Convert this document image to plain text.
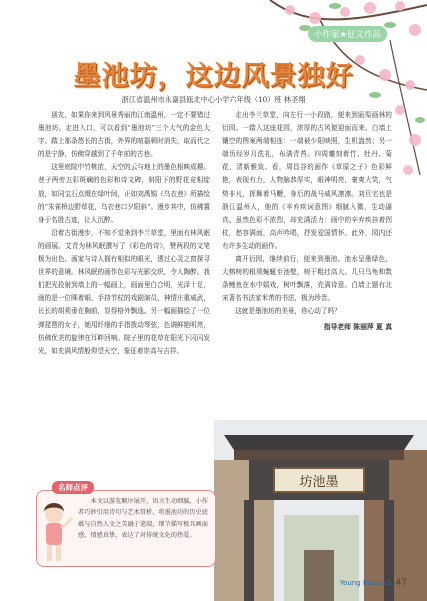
小作家★征文作品
墨池坊，这边风景独好
浙江省温州市永嘉县瓯北中心小学六年级（10）班 林圣翔

朋友，如果你来到风景秀丽的江南温州，一定不要错过墨池坊。走进入口，可以看到“墨池坊”三个大气的金色大字。踏上那条悠长的古街，外界的喧嚣顿时消失，取而代之的是宁静，仿佛穿越到了千年前的古巷。

这里庭院中竹桃浓，天空的云与地上的墨色相映成趣。巷子两旁五彩斑斓的色彩和诗文碑，斜阳下的野花竞相绽放，如同宝石点缀在绿叶间，正如刘禹锡《乌衣巷》所描绘的“朱雀桥边野草花，乌衣巷口夕阳斜”。漫步其中，仿佛置身于名胜古迹，让人沉醉。

沿着古街漫步，不知不觉来到李兰草堂，里面有林风眠的画展。艾青为林风眠撰写了《彩色的诗》，赞两段的文笔极为出色。画家与诗人拥有相似的眼光，透过心灵之窗探寻世界的意境。林风眠的画作色彩与光影交织，令人陶醉。我们把光投射到墙上的一幅画上，画面里白合明，光泽十足，画的是一位眯着眼、手持节杖的戏剧演员，神情庄重威武，长长的胡须垂在胸前，显得格外飘逸。另一幅画描绘了一位弹琵琶的女子，她用纤细的手指拨动琴弦，色调鲜艳明亮，仿佛优美的旋律在耳畔回响。院子里的花草在阳光下闪闪发光，如充满风情般仰望天空，象征着崇高与吉祥。

走出李兰草堂，向左行一小段路，便来到瓯渠画林的衍园。一踏入这座花园，浓厚的古风便迎面而来。白墙上镶空的图案两端相连：一端被少阳映照，生机盎然；另一端历经岁月洗礼，布满青苔。四周雕刻着竹、牡丹、菊花，清新雅致。看，周昌谷的画作《草原之子》色彩鲜艳，表现有力，人物脑恭厚实，眼神明亮，豪爽大笑，气势非凡，挥舞着马鞭，身后的战马威风凛凛。刘旦宅也是浙江温州人，他的《辛弃疾词意图》细腻入微，生动逼真。虽然色彩不浓烈，却充满活力：画中的辛弃疾挂着拐杖，愁容满面，高声吟唱，抒发爱国情怀。此外，园内还有许多生动的画作。

离开衍园，继续前行，便来到墨池。池水呈墨绿色，大榕树的根须蜿蜒至池壁，树干粗壮高大。几只乌龟和数条鲤鱼在水中嬉戏，树叶飘落，充满诗意。白墙上题有北宋著名书法家米芾的书法，极为珍贵。

这就是墨池坊的美景，你心动了吗？

指导老师 陈丽萍 夏 真
坊池墨
名师点评

本文以游览顺序展开，语言生动细腻。小作者巧妙引用诗句与艺术赏析，将墨池坊的历史底蕴与自然人文之美融于笔端，细节描写极具画面感，情感真挚，表达了对传统文化的热爱。

Young Readers 47
